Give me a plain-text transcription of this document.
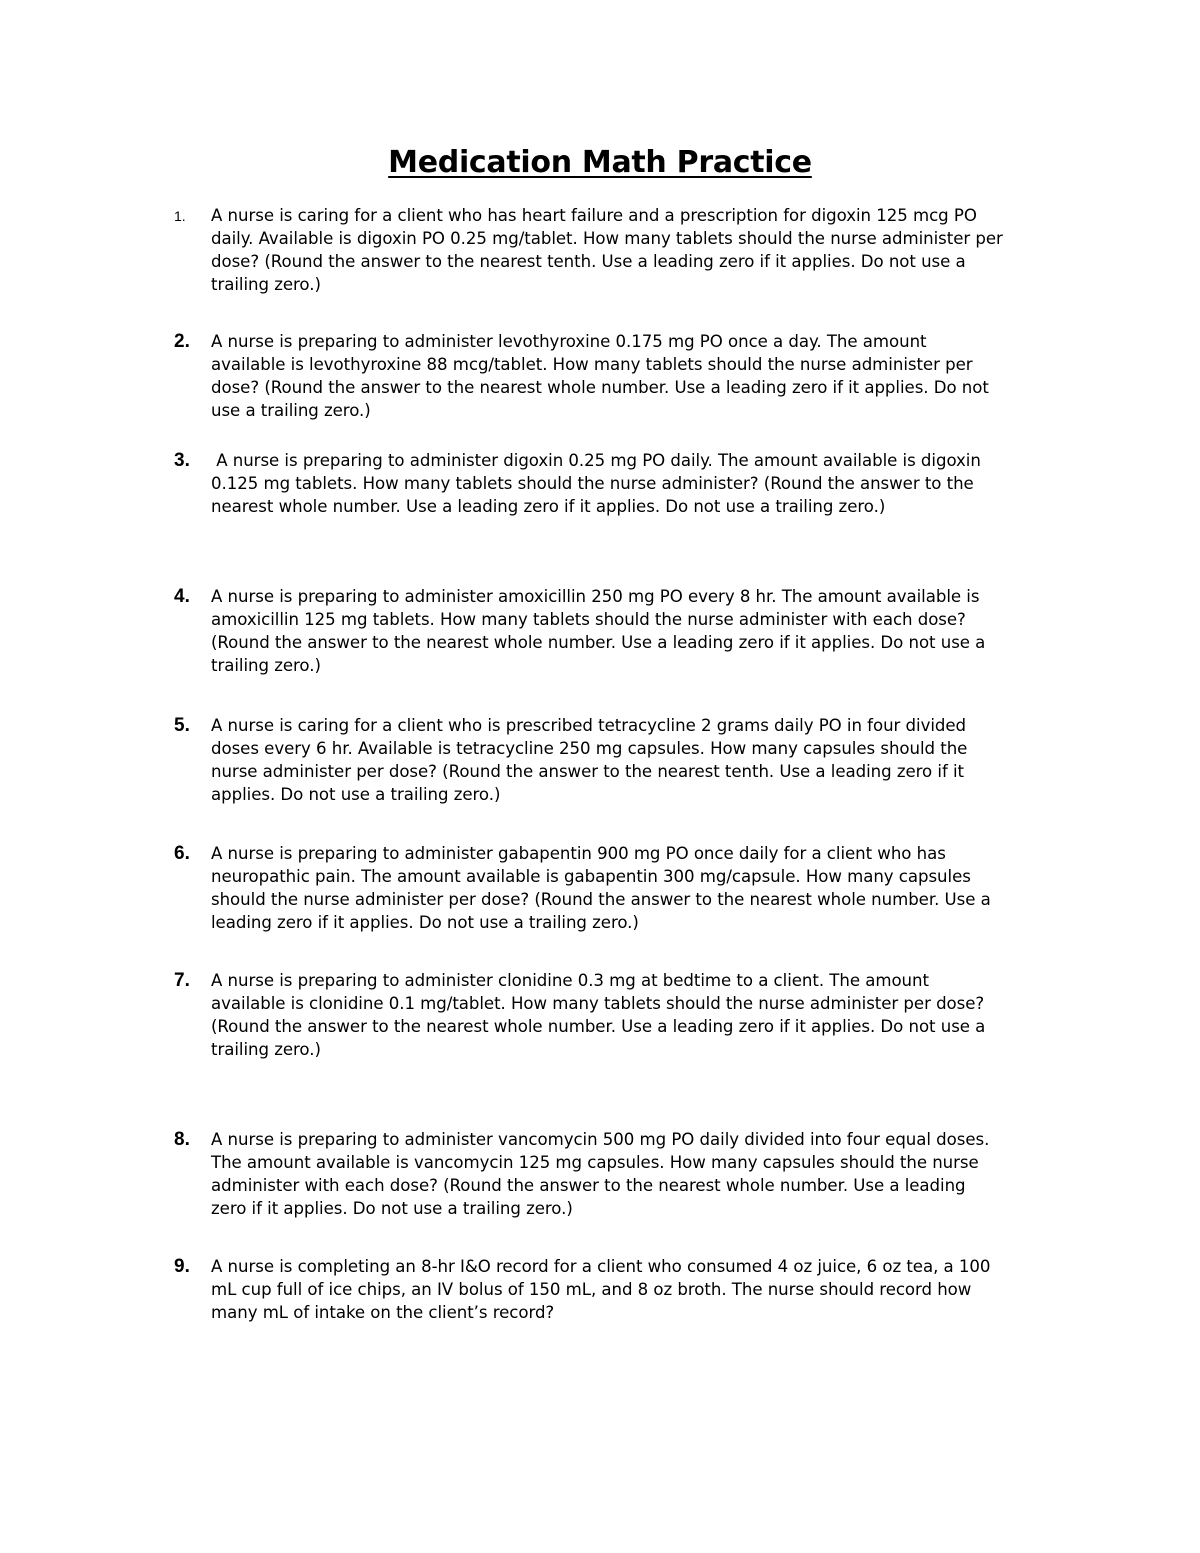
Medication Math Practice
1. A nurse is caring for a client who has heart failure and a prescription for digoxin 125 mcg PO
daily. Available is digoxin PO 0.25 mg/tablet. How many tablets should the nurse administer per
dose? (Round the answer to the nearest tenth. Use a leading zero if it applies. Do not use a
trailing zero.)
2. A nurse is preparing to administer levothyroxine 0.175 mg PO once a day. The amount
available is levothyroxine 88 mcg/tablet. How many tablets should the nurse administer per
dose? (Round the answer to the nearest whole number. Use a leading zero if it applies. Do not
use a trailing zero.)
3. A nurse is preparing to administer digoxin 0.25 mg PO daily. The amount available is digoxin
0.125 mg tablets. How many tablets should the nurse administer? (Round the answer to the
nearest whole number. Use a leading zero if it applies. Do not use a trailing zero.)
4. A nurse is preparing to administer amoxicillin 250 mg PO every 8 hr. The amount available is
amoxicillin 125 mg tablets. How many tablets should the nurse administer with each dose?
(Round the answer to the nearest whole number. Use a leading zero if it applies. Do not use a
trailing zero.)
5. A nurse is caring for a client who is prescribed tetracycline 2 grams daily PO in four divided
doses every 6 hr. Available is tetracycline 250 mg capsules. How many capsules should the
nurse administer per dose? (Round the answer to the nearest tenth. Use a leading zero if it
applies. Do not use a trailing zero.)
6. A nurse is preparing to administer gabapentin 900 mg PO once daily for a client who has
neuropathic pain. The amount available is gabapentin 300 mg/capsule. How many capsules
should the nurse administer per dose? (Round the answer to the nearest whole number. Use a
leading zero if it applies. Do not use a trailing zero.)
7. A nurse is preparing to administer clonidine 0.3 mg at bedtime to a client. The amount
available is clonidine 0.1 mg/tablet. How many tablets should the nurse administer per dose?
(Round the answer to the nearest whole number. Use a leading zero if it applies. Do not use a
trailing zero.)
8. A nurse is preparing to administer vancomycin 500 mg PO daily divided into four equal doses.
The amount available is vancomycin 125 mg capsules. How many capsules should the nurse
administer with each dose? (Round the answer to the nearest whole number. Use a leading
zero if it applies. Do not use a trailing zero.)
9. A nurse is completing an 8-hr I&O record for a client who consumed 4 oz juice, 6 oz tea, a 100
mL cup full of ice chips, an IV bolus of 150 mL, and 8 oz broth. The nurse should record how
many mL of intake on the client’s record?
